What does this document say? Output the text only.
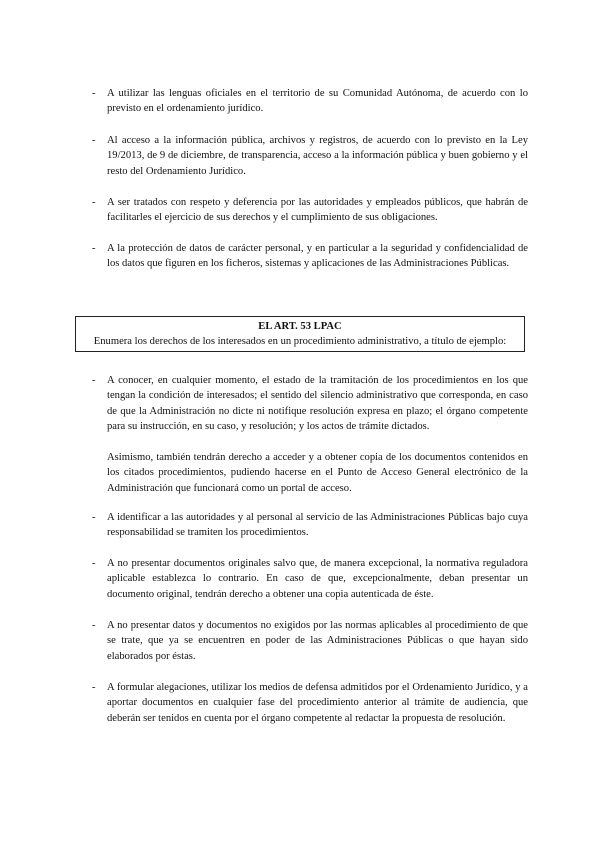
- A utilizar las lenguas oficiales en el territorio de su Comunidad Autónoma, de acuerdo con lo previsto en el ordenamiento jurídico.
- Al acceso a la información pública, archivos y registros, de acuerdo con lo previsto en la Ley 19/2013, de 9 de diciembre, de transparencia, acceso a la información pública y buen gobierno y el resto del Ordenamiento Jurídico.
- A ser tratados con respeto y deferencia por las autoridades y empleados públicos, que habrán de facilitarles el ejercicio de sus derechos y el cumplimiento de sus obligaciones.
- A la protección de datos de carácter personal, y en particular a la seguridad y confidencialidad de los datos que figuren en los ficheros, sistemas y aplicaciones de las Administraciones Públicas.
EL ART. 53 LPAC
Enumera los derechos de los interesados en un procedimiento administrativo, a título de ejemplo:
- A conocer, en cualquier momento, el estado de la tramitación de los procedimientos en los que tengan la condición de interesados; el sentido del silencio administrativo que corresponda, en caso de que la Administración no dicte ni notifique resolución expresa en plazo; el órgano competente para su instrucción, en su caso, y resolución; y los actos de trámite dictados.
Asimismo, también tendrán derecho a acceder y a obtener copia de los documentos contenidos en los citados procedimientos, pudiendo hacerse en el Punto de Acceso General electrónico de la Administración que funcionará como un portal de acceso.
- A identificar a las autoridades y al personal al servicio de las Administraciones Públicas bajo cuya responsabilidad se tramiten los procedimientos.
- A no presentar documentos originales salvo que, de manera excepcional, la normativa reguladora aplicable establezca lo contrario. En caso de que, excepcionalmente, deban presentar un documento original, tendrán derecho a obtener una copia autenticada de éste.
- A no presentar datos y documentos no exigidos por las normas aplicables al procedimiento de que se trate, que ya se encuentren en poder de las Administraciones Públicas o que hayan sido elaborados por éstas.
- A formular alegaciones, utilizar los medios de defensa admitidos por el Ordenamiento Jurídico, y a aportar documentos en cualquier fase del procedimiento anterior al trámite de audiencia, que deberán ser tenidos en cuenta por el órgano competente al redactar la propuesta de resolución.
